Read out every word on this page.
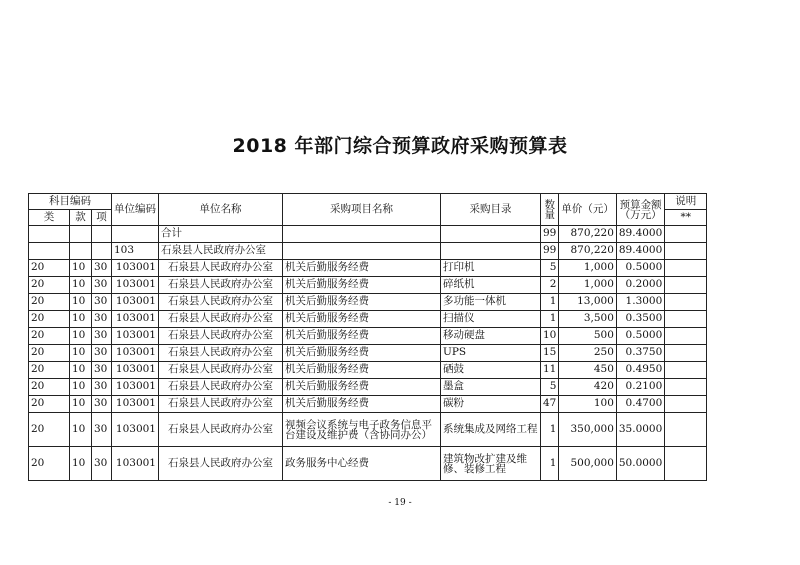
2018 年部门综合预算政府采购预算表
科目编码			单位编码	单位名称	采购项目名称	采购目录	数量	单价（元）	预算金额（万元）	说明
类	款	项								**
				合计			99	870,220	89.4000	
			103	石泉县人民政府办公室			99	870,220	89.4000	
20	10	30	103001	石泉县人民政府办公室	机关后勤服务经费	打印机	5	1,000	0.5000	
20	10	30	103001	石泉县人民政府办公室	机关后勤服务经费	碎纸机	2	1,000	0.2000	
20	10	30	103001	石泉县人民政府办公室	机关后勤服务经费	多功能一体机	1	13,000	1.3000	
20	10	30	103001	石泉县人民政府办公室	机关后勤服务经费	扫描仪	1	3,500	0.3500	
20	10	30	103001	石泉县人民政府办公室	机关后勤服务经费	移动硬盘	10	500	0.5000	
20	10	30	103001	石泉县人民政府办公室	机关后勤服务经费	UPS	15	250	0.3750	
20	10	30	103001	石泉县人民政府办公室	机关后勤服务经费	硒鼓	11	450	0.4950	
20	10	30	103001	石泉县人民政府办公室	机关后勤服务经费	墨盒	5	420	0.2100	
20	10	30	103001	石泉县人民政府办公室	机关后勤服务经费	碳粉	47	100	0.4700	
20	10	30	103001	石泉县人民政府办公室	视频会议系统与电子政务信息平台建设及维护费（含协同办公）	系统集成及网络工程	1	350,000	35.0000	
20	10	30	103001	石泉县人民政府办公室	政务服务中心经费	建筑物改扩建及维修、装修工程	1	500,000	50.0000	
- 19 -
